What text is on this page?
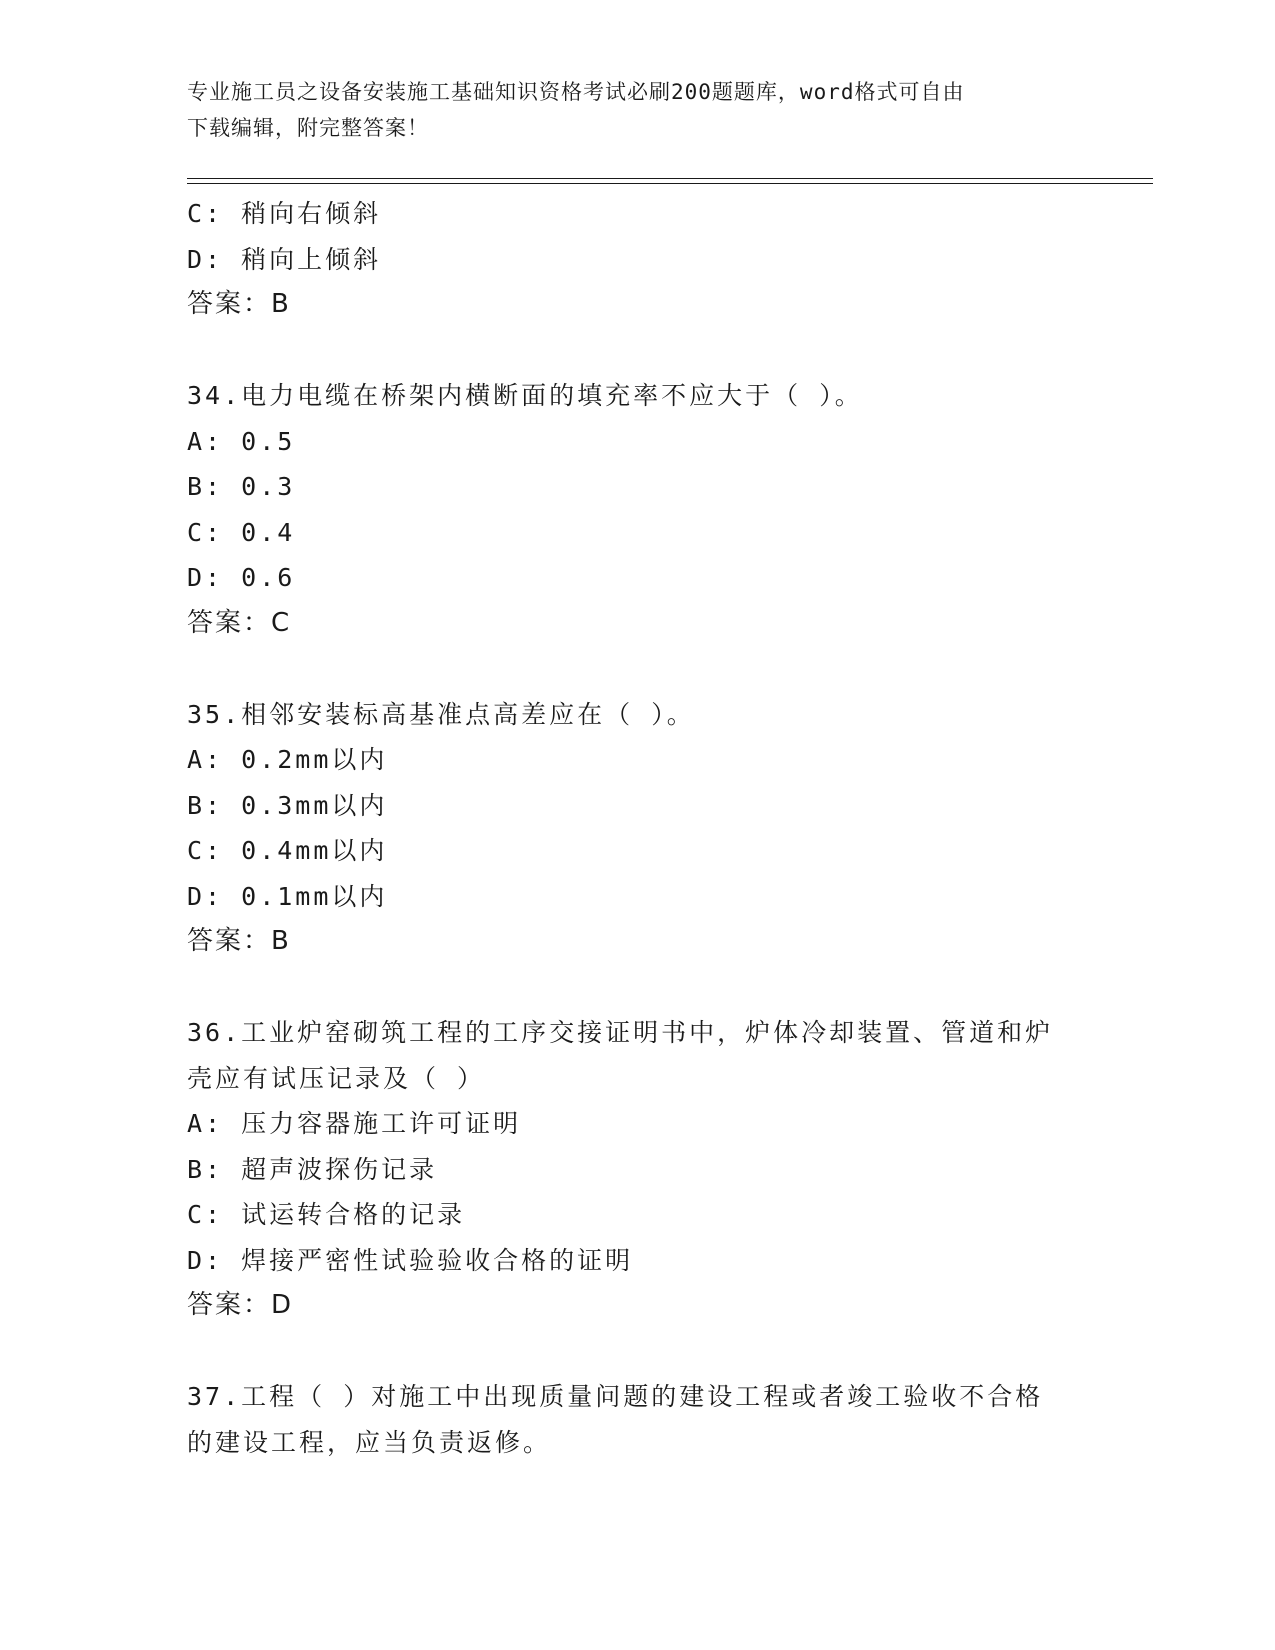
专业施工员之设备安装施工基础知识资格考试必刷200题题库，word格式可自由
下载编辑，附完整答案！
C: 稍向右倾斜
D: 稍向上倾斜
答案：B
34.电力电缆在桥架内横断面的填充率不应大于（ ）。
A: 0.5
B: 0.3
C: 0.4
D: 0.6
答案：C
35.相邻安装标高基准点高差应在（ ）。
A: 0.2mm以内
B: 0.3mm以内
C: 0.4mm以内
D: 0.1mm以内
答案：B
36.工业炉窑砌筑工程的工序交接证明书中，炉体冷却装置、管道和炉
壳应有试压记录及（ ）
A: 压力容器施工许可证明
B: 超声波探伤记录
C: 试运转合格的记录
D: 焊接严密性试验验收合格的证明
答案：D
37.工程（ ）对施工中出现质量问题的建设工程或者竣工验收不合格
的建设工程，应当负责返修。
